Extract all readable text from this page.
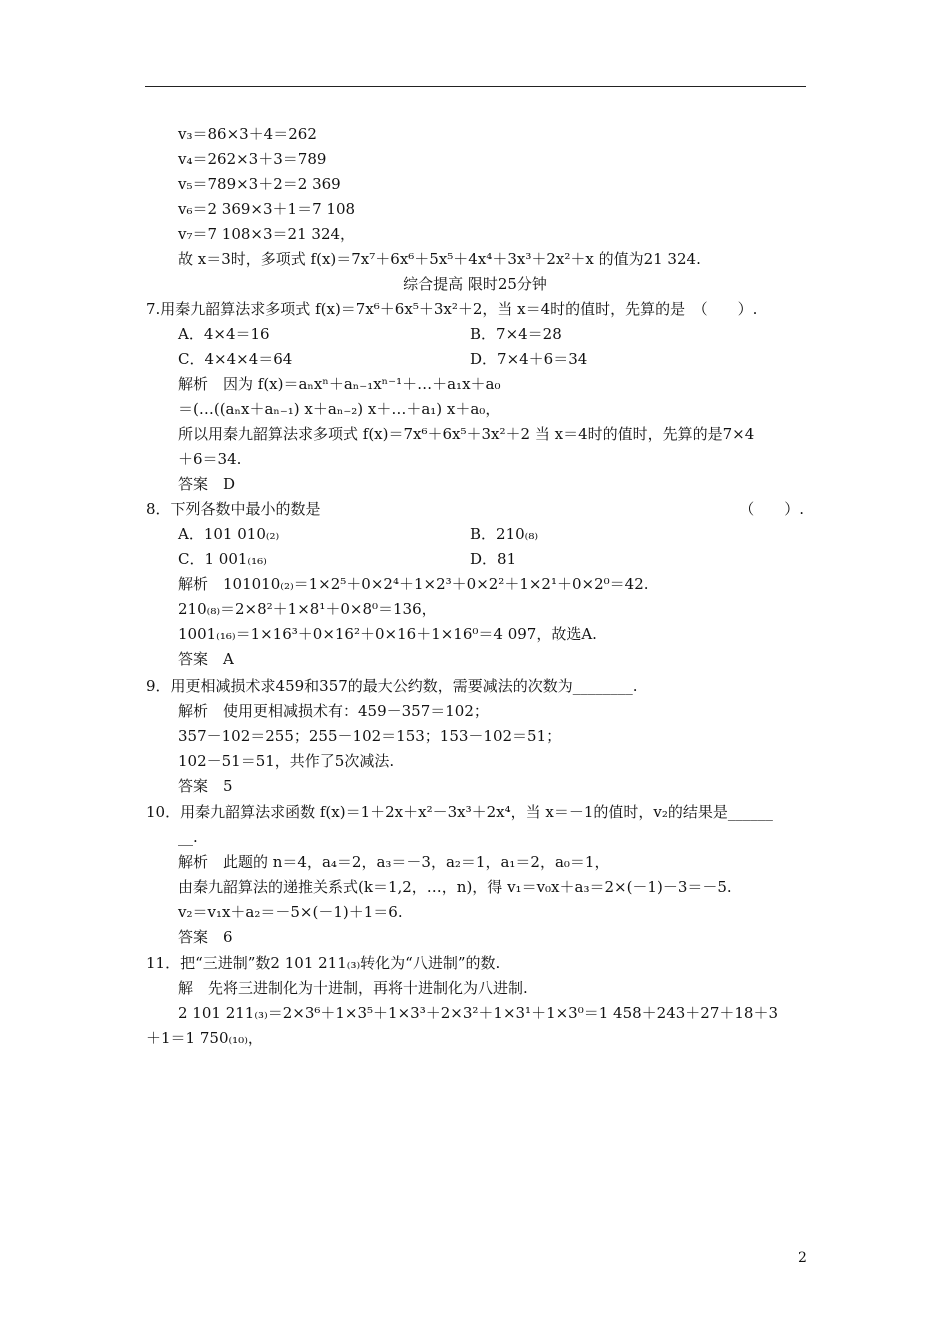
v₃＝86×3＋4＝262
v₄＝262×3＋3＝789
v₅＝789×3＋2＝2 369
v₆＝2 369×3＋1＝7 108
v₇＝7 108×3＝21 324，
故 x＝3时，多项式 f(x)＝7x⁷＋6x⁶＋5x⁵＋4x⁴＋3x³＋2x²＋x 的值为21 324.
综合提高 限时25分钟
7.用秦九韶算法求多项式 f(x)＝7x⁶＋6x⁵＋3x²＋2，当 x＝4时的值时，先算的是　（　　）.
A．4×4＝16	B．7×4＝28
C．4×4×4＝64	D．7×4＋6＝34
解析　因为 f(x)＝aₙxⁿ＋aₙ₋₁xⁿ⁻¹＋…＋a₁x＋a₀
＝(…((aₙx＋aₙ₋₁) x＋aₙ₋₂) x＋…＋a₁) x＋a₀，
所以用秦九韶算法求多项式 f(x)＝7x⁶＋6x⁵＋3x²＋2 当 x＝4时的值时，先算的是7×4
＋6＝34.
答案　D
8．下列各数中最小的数是	（　　）.
A．101 010₍₂₎	B．210₍₈₎
C．1 001₍₁₆₎	D．81
解析　101010₍₂₎＝1×2⁵＋0×2⁴＋1×2³＋0×2²＋1×2¹＋0×2⁰＝42.
210₍₈₎＝2×8²＋1×8¹＋0×8⁰＝136，
1001₍₁₆₎＝1×16³＋0×16²＋0×16＋1×16⁰＝4 097，故选A.
答案　A
9．用更相减损术求459和357的最大公约数，需要减法的次数为________.
解析　使用更相减损术有：459－357＝102；
357－102＝255；255－102＝153；153－102＝51；
102－51＝51，共作了5次减法.
答案　5
10．用秦九韶算法求函数 f(x)＝1＋2x＋x²－3x³＋2x⁴，当 x＝－1的值时，v₂的结果是______
__.
解析　此题的 n＝4，a₄＝2，a₃＝－3，a₂＝1，a₁＝2，a₀＝1，
由秦九韶算法的递推关系式(k＝1,2，…，n)，得 v₁＝v₀x＋a₃＝2×(－1)－3＝－5.
v₂＝v₁x＋a₂＝－5×(－1)＋1＝6.
答案　6
11．把“三进制”数2 101 211₍₃₎转化为“八进制”的数.
解　先将三进制化为十进制，再将十进制化为八进制.
2 101 211₍₃₎＝2×3⁶＋1×3⁵＋1×3³＋2×3²＋1×3¹＋1×3⁰＝1 458＋243＋27＋18＋3
＋1＝1 750₍₁₀₎，
2
